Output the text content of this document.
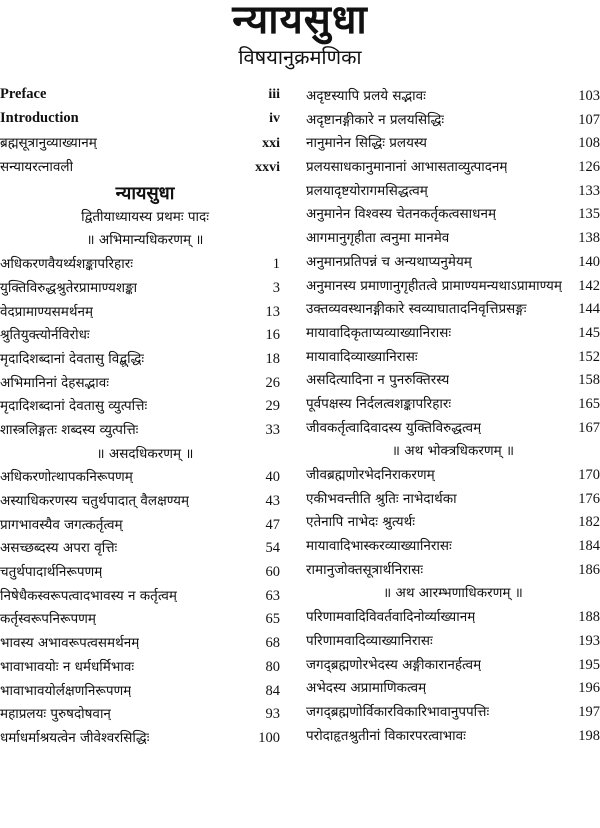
न्यायसुधा
विषयानुक्रमणिका
Preface	iii
Introduction	iv
ब्रह्मसूत्रानुव्याख्यानम्	xxi
सन्यायरत्नावली	xxvi
न्यायसुधा
द्वितीयाध्यायस्य प्रथमः पादः
॥ अभिमान्यधिकरणम् ॥
अधिकरणवैयर्थ्यशङ्कापरिहारः	1
युक्तिविरुद्धश्रुतेरप्रामाण्यशङ्का	3
वेदप्रामाण्यसमर्थनम्	13
श्रुतियुक्त्योर्नविरोधः	16
मृदादिशब्दानां देवतासु विद्बुद्धिः	18
अभिमानिनां देहसद्भावः	26
मृदादिशब्दानां देवतासु व्युत्पत्तिः	29
शास्त्रलिङ्गतः शब्दस्य व्युत्पत्तिः	33
॥ असदधिकरणम् ॥
अधिकरणोत्थापकनिरूपणम्	40
अस्याधिकरणस्य चतुर्थपादात् वैलक्षण्यम्	43
प्रागभावस्यैव जगत्कर्तृत्वम्	47
असच्छब्दस्य अपरा वृत्तिः	54
चतुर्थपादार्थनिरूपणम्	60
निषेधैकस्वरूपत्वादभावस्य न कर्तृत्वम्	63
कर्तृस्वरूपनिरूपणम्	65
भावस्य अभावरूपत्वसमर्थनम्	68
भावाभावयोः न धर्मधर्मिभावः	80
भावाभावयोर्लक्षणनिरूपणम्	84
महाप्रलयः पुरुषदोषवान्	93
धर्माधर्माश्रयत्वेन जीवेश्वरसिद्धिः	100
अदृष्टस्यापि प्रलये सद्भावः	103
अदृष्टानङ्गीकारे न प्रलयसिद्धिः	107
नानुमानेन सिद्धिः प्रलयस्य	108
प्रलयसाधकानुमानानां आभासताव्युत्पादनम्	126
प्रलयादृष्टयोरागमसिद्धत्वम्	133
अनुमानेन विश्वस्य चेतनकर्तृकत्वसाधनम्	135
आगमानुगृहीता त्वनुमा मानमेव	138
अनुमानप्रतिपन्नं च अन्यथाप्यनुमेयम्	140
अनुमानस्य प्रमाणानुगृहीतत्वे प्रामाण्यमन्यथाऽप्रामाण्यम् 142
उक्तव्यवस्थानङ्गीकारे स्वव्याघातादनिवृत्तिप्रसङ्गः	144
मायावादिकृताप्यव्याख्यानिरासः	145
मायावादिव्याख्यानिरासः	152
असदित्यादिना न पुनरुक्तिरस्य	158
पूर्वपक्षस्य निर्दलत्वशङ्कापरिहारः	165
जीवकर्तृत्वादिवादस्य युक्तिविरुद्धत्वम्	167
॥ अथ भोक्त्रधिकरणम् ॥
जीवब्रह्मणोरभेदनिराकरणम्	170
एकीभवन्तीति श्रुतिः नाभेदार्थका	176
एतेनापि नाभेदः श्रुत्यर्थः	182
मायावादिभास्करव्याख्यानिरासः	184
रामानुजोक्तसूत्रार्थनिरासः	186
॥ अथ आरम्भणाधिकरणम् ॥
परिणामवादिविवर्तवादिनोर्व्याख्यानम्	188
परिणामवादिव्याख्यानिरासः	193
जगद्ब्रह्मणोरभेदस्य अङ्गीकारानर्हत्वम्	195
अभेदस्य अप्रामाणिकत्वम्	196
जगद्ब्रह्मणोर्विकारविकारिभावानुपपत्तिः	197
परोदाहृतश्रुतीनां विकारपरत्वाभावः	198
